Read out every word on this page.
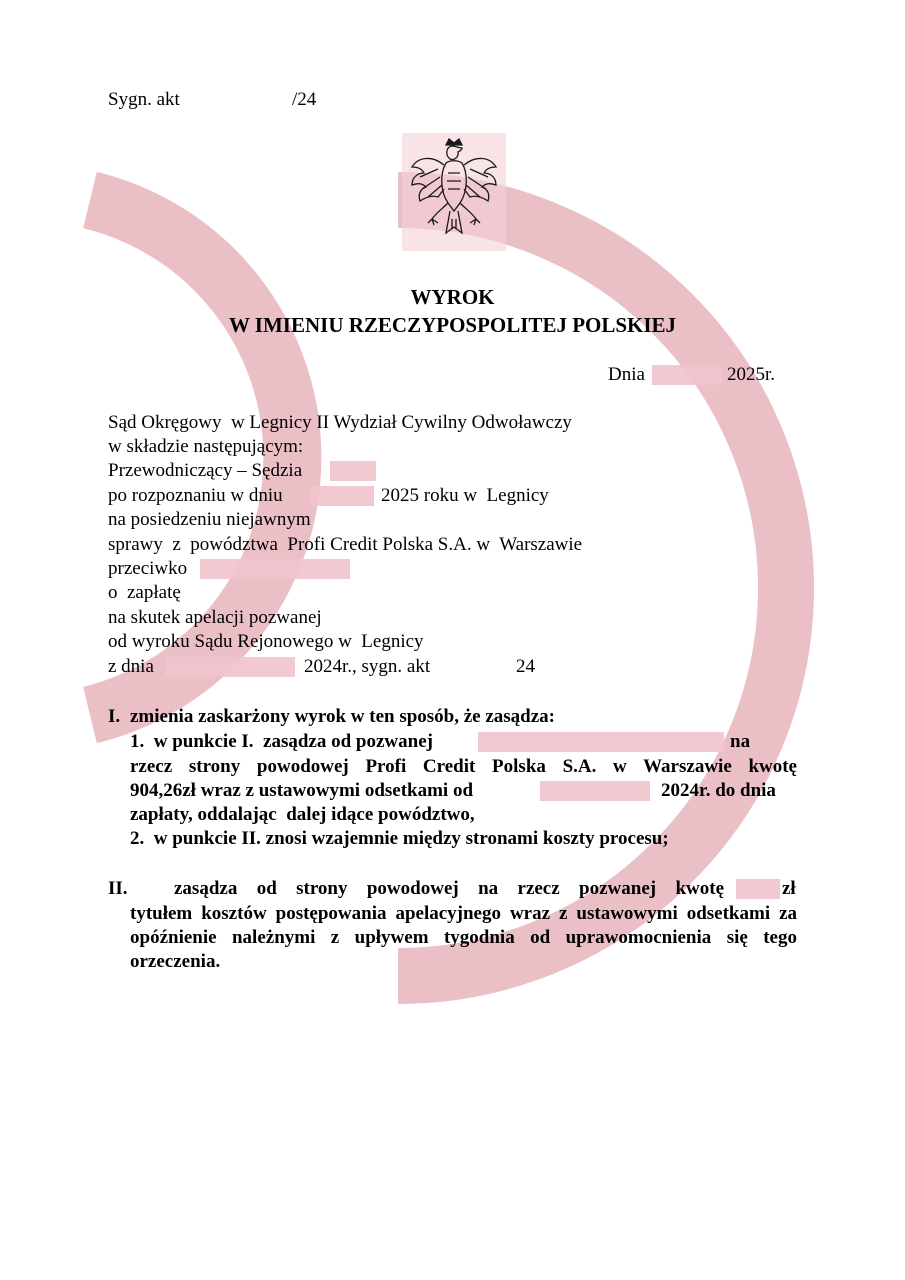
Sygn. akt	/24
WYROK
W IMIENIU RZECZYPOSPOLITEJ POLSKIEJ
Dnia	2025r.
Sąd Okręgowy  w Legnicy II Wydział Cywilny Odwoławczy
w składzie następującym:
Przewodniczący – Sędzia
po rozpoznaniu w dniu	2025 roku w  Legnicy
na posiedzeniu niejawnym
sprawy  z  powództwa  Profi Credit Polska S.A. w  Warszawie
przeciwko
o  zapłatę
na skutek apelacji pozwanej
od wyroku Sądu Rejonowego w  Legnicy
z dnia	2024r., sygn. akt	24
I. zmienia zaskarżony wyrok w ten sposób, że zasądza:
1.  w punkcie I.  zasądza od pozwanej	na
rzecz strony powodowej Profi Credit Polska S.A. w Warszawie kwotę
904,26zł wraz z ustawowymi odsetkami od	2024r. do dnia
zapłaty, oddalając  dalej idące powództwo,
2.  w punkcie II. znosi wzajemnie między stronami koszty procesu;
II. zasądza od strony powodowej na rzecz pozwanej kwotę	zł
tytułem kosztów postępowania apelacyjnego wraz z ustawowymi odsetkami za opóźnienie należnymi z upływem tygodnia od uprawomocnienia się tego orzeczenia.
